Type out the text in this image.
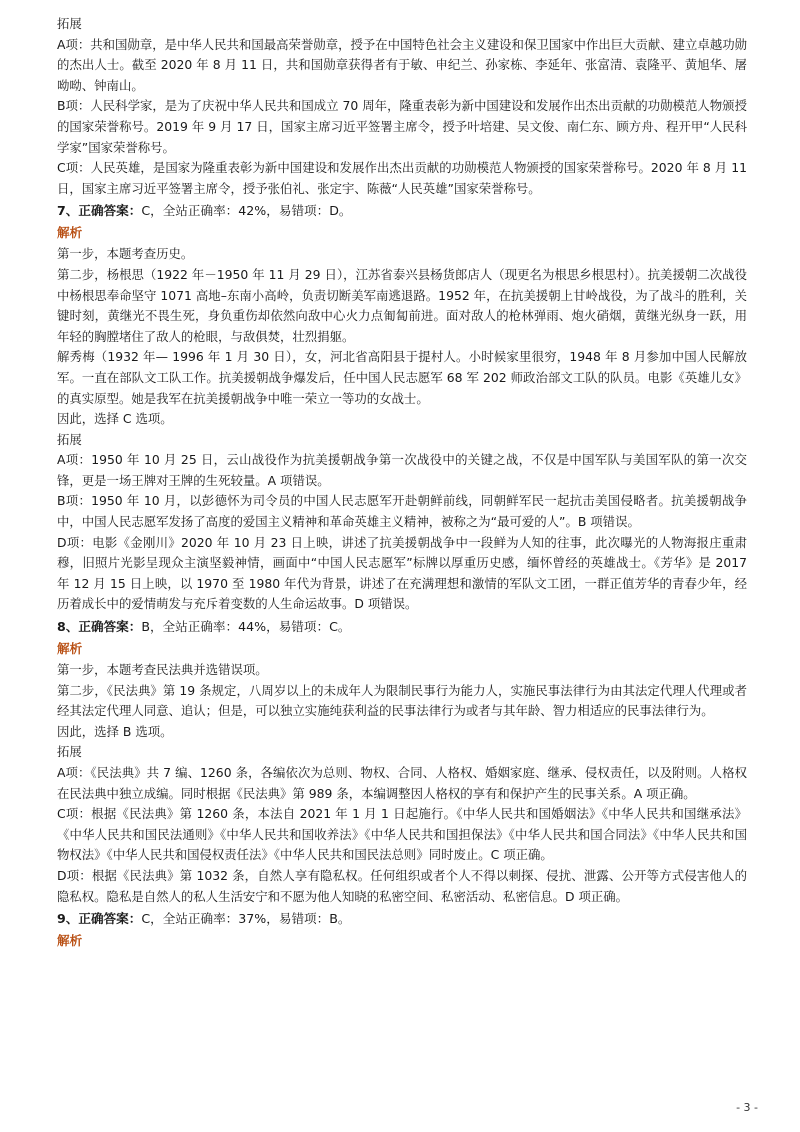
拓展

A项：共和国勋章，是中华人民共和国最高荣誉勋章，授予在中国特色社会主义建设和保卫国家中作出巨大贡献、建立卓越功勋的杰出人士。截至 2020 年 8 月 11 日，共和国勋章获得者有于敏、申纪兰、孙家栋、李延年、张富清、袁隆平、黄旭华、屠呦呦、钟南山。

B项：人民科学家，是为了庆祝中华人民共和国成立 70 周年，隆重表彰为新中国建设和发展作出杰出贡献的功勋模范人物颁授的国家荣誉称号。2019 年 9 月 17 日，国家主席习近平签署主席令，授予叶培建、吴文俊、南仁东、顾方舟、程开甲“人民科学家”国家荣誉称号。

C项：人民英雄，是国家为隆重表彰为新中国建设和发展作出杰出贡献的功勋模范人物颁授的国家荣誉称号。2020 年 8 月 11 日，国家主席习近平签署主席令，授予张伯礼、张定宇、陈薇“人民英雄”国家荣誉称号。

7、正确答案：C，全站正确率：42%，易错项：D。

解析

第一步，本题考查历史。

第二步，杨根思（1922 年－1950 年 11 月 29 日），江苏省泰兴县杨货郎店人（现更名为根思乡根思村）。抗美援朝二次战役中杨根思奉命坚守 1071 高地–东南小高岭，负责切断美军南逃退路。1952 年，在抗美援朝上甘岭战役，为了战斗的胜利，关键时刻，黄继光不畏生死，身负重伤却依然向敌中心火力点匍匐前进。面对敌人的枪林弹雨、炮火硝烟，黄继光纵身一跃，用年轻的胸膛堵住了敌人的枪眼，与敌俱焚，壮烈捐躯。

解秀梅（1932 年— 1996 年 1 月 30 日），女，河北省高阳县于提村人。小时候家里很穷，1948 年 8 月参加中国人民解放军。一直在部队文工队工作。抗美援朝战争爆发后，任中国人民志愿军 68 军 202 师政治部文工队的队员。电影《英雄儿女》的真实原型。她是我军在抗美援朝战争中唯一荣立一等功的女战士。

因此，选择 C 选项。

拓展

A项：1950 年 10 月 25 日，云山战役作为抗美援朝战争第一次战役中的关键之战，不仅是中国军队与美国军队的第一次交锋，更是一场王牌对王牌的生死较量。A 项错误。

B项：1950 年 10 月，以彭德怀为司令员的中国人民志愿军开赴朝鲜前线，同朝鲜军民一起抗击美国侵略者。抗美援朝战争中，中国人民志愿军发扬了高度的爱国主义精神和革命英雄主义精神，被称之为“最可爱的人”。B 项错误。

D项：电影《金刚川》2020 年 10 月 23 日上映，讲述了抗美援朝战争中一段鲜为人知的往事，此次曝光的人物海报庄重肃穆，旧照片光影呈现众主演坚毅神情，画面中“中国人民志愿军”标牌以厚重历史感，缅怀曾经的英雄战士。《芳华》是 2017 年 12 月 15 日上映，以 1970 至 1980 年代为背景，讲述了在充满理想和激情的军队文工团，一群正值芳华的青春少年，经历着成长中的爱情萌发与充斥着变数的人生命运故事。D 项错误。

8、正确答案：B，全站正确率：44%，易错项：C。

解析

第一步，本题考查民法典并选错误项。

第二步，《民法典》第 19 条规定，八周岁以上的未成年人为限制民事行为能力人，实施民事法律行为由其法定代理人代理或者经其法定代理人同意、追认；但是，可以独立实施纯获利益的民事法律行为或者与其年龄、智力相适应的民事法律行为。

因此，选择 B 选项。

拓展

A项：《民法典》共 7 编、1260 条，各编依次为总则、物权、合同、人格权、婚姻家庭、继承、侵权责任，以及附则。人格权在民法典中独立成编。同时根据《民法典》第 989 条，本编调整因人格权的享有和保护产生的民事关系。A 项正确。

C项：根据《民法典》第 1260 条，本法自 2021 年 1 月 1 日起施行。《中华人民共和国婚姻法》《中华人民共和国继承法》《中华人民共和国民法通则》《中华人民共和国收养法》《中华人民共和国担保法》《中华人民共和国合同法》《中华人民共和国物权法》《中华人民共和国侵权责任法》《中华人民共和国民法总则》同时废止。C 项正确。

D项：根据《民法典》第 1032 条，自然人享有隐私权。任何组织或者个人不得以刺探、侵扰、泄露、公开等方式侵害他人的隐私权。隐私是自然人的私人生活安宁和不愿为他人知晓的私密空间、私密活动、私密信息。D 项正确。

9、正确答案：C，全站正确率：37%，易错项：B。

解析

- 3 -
